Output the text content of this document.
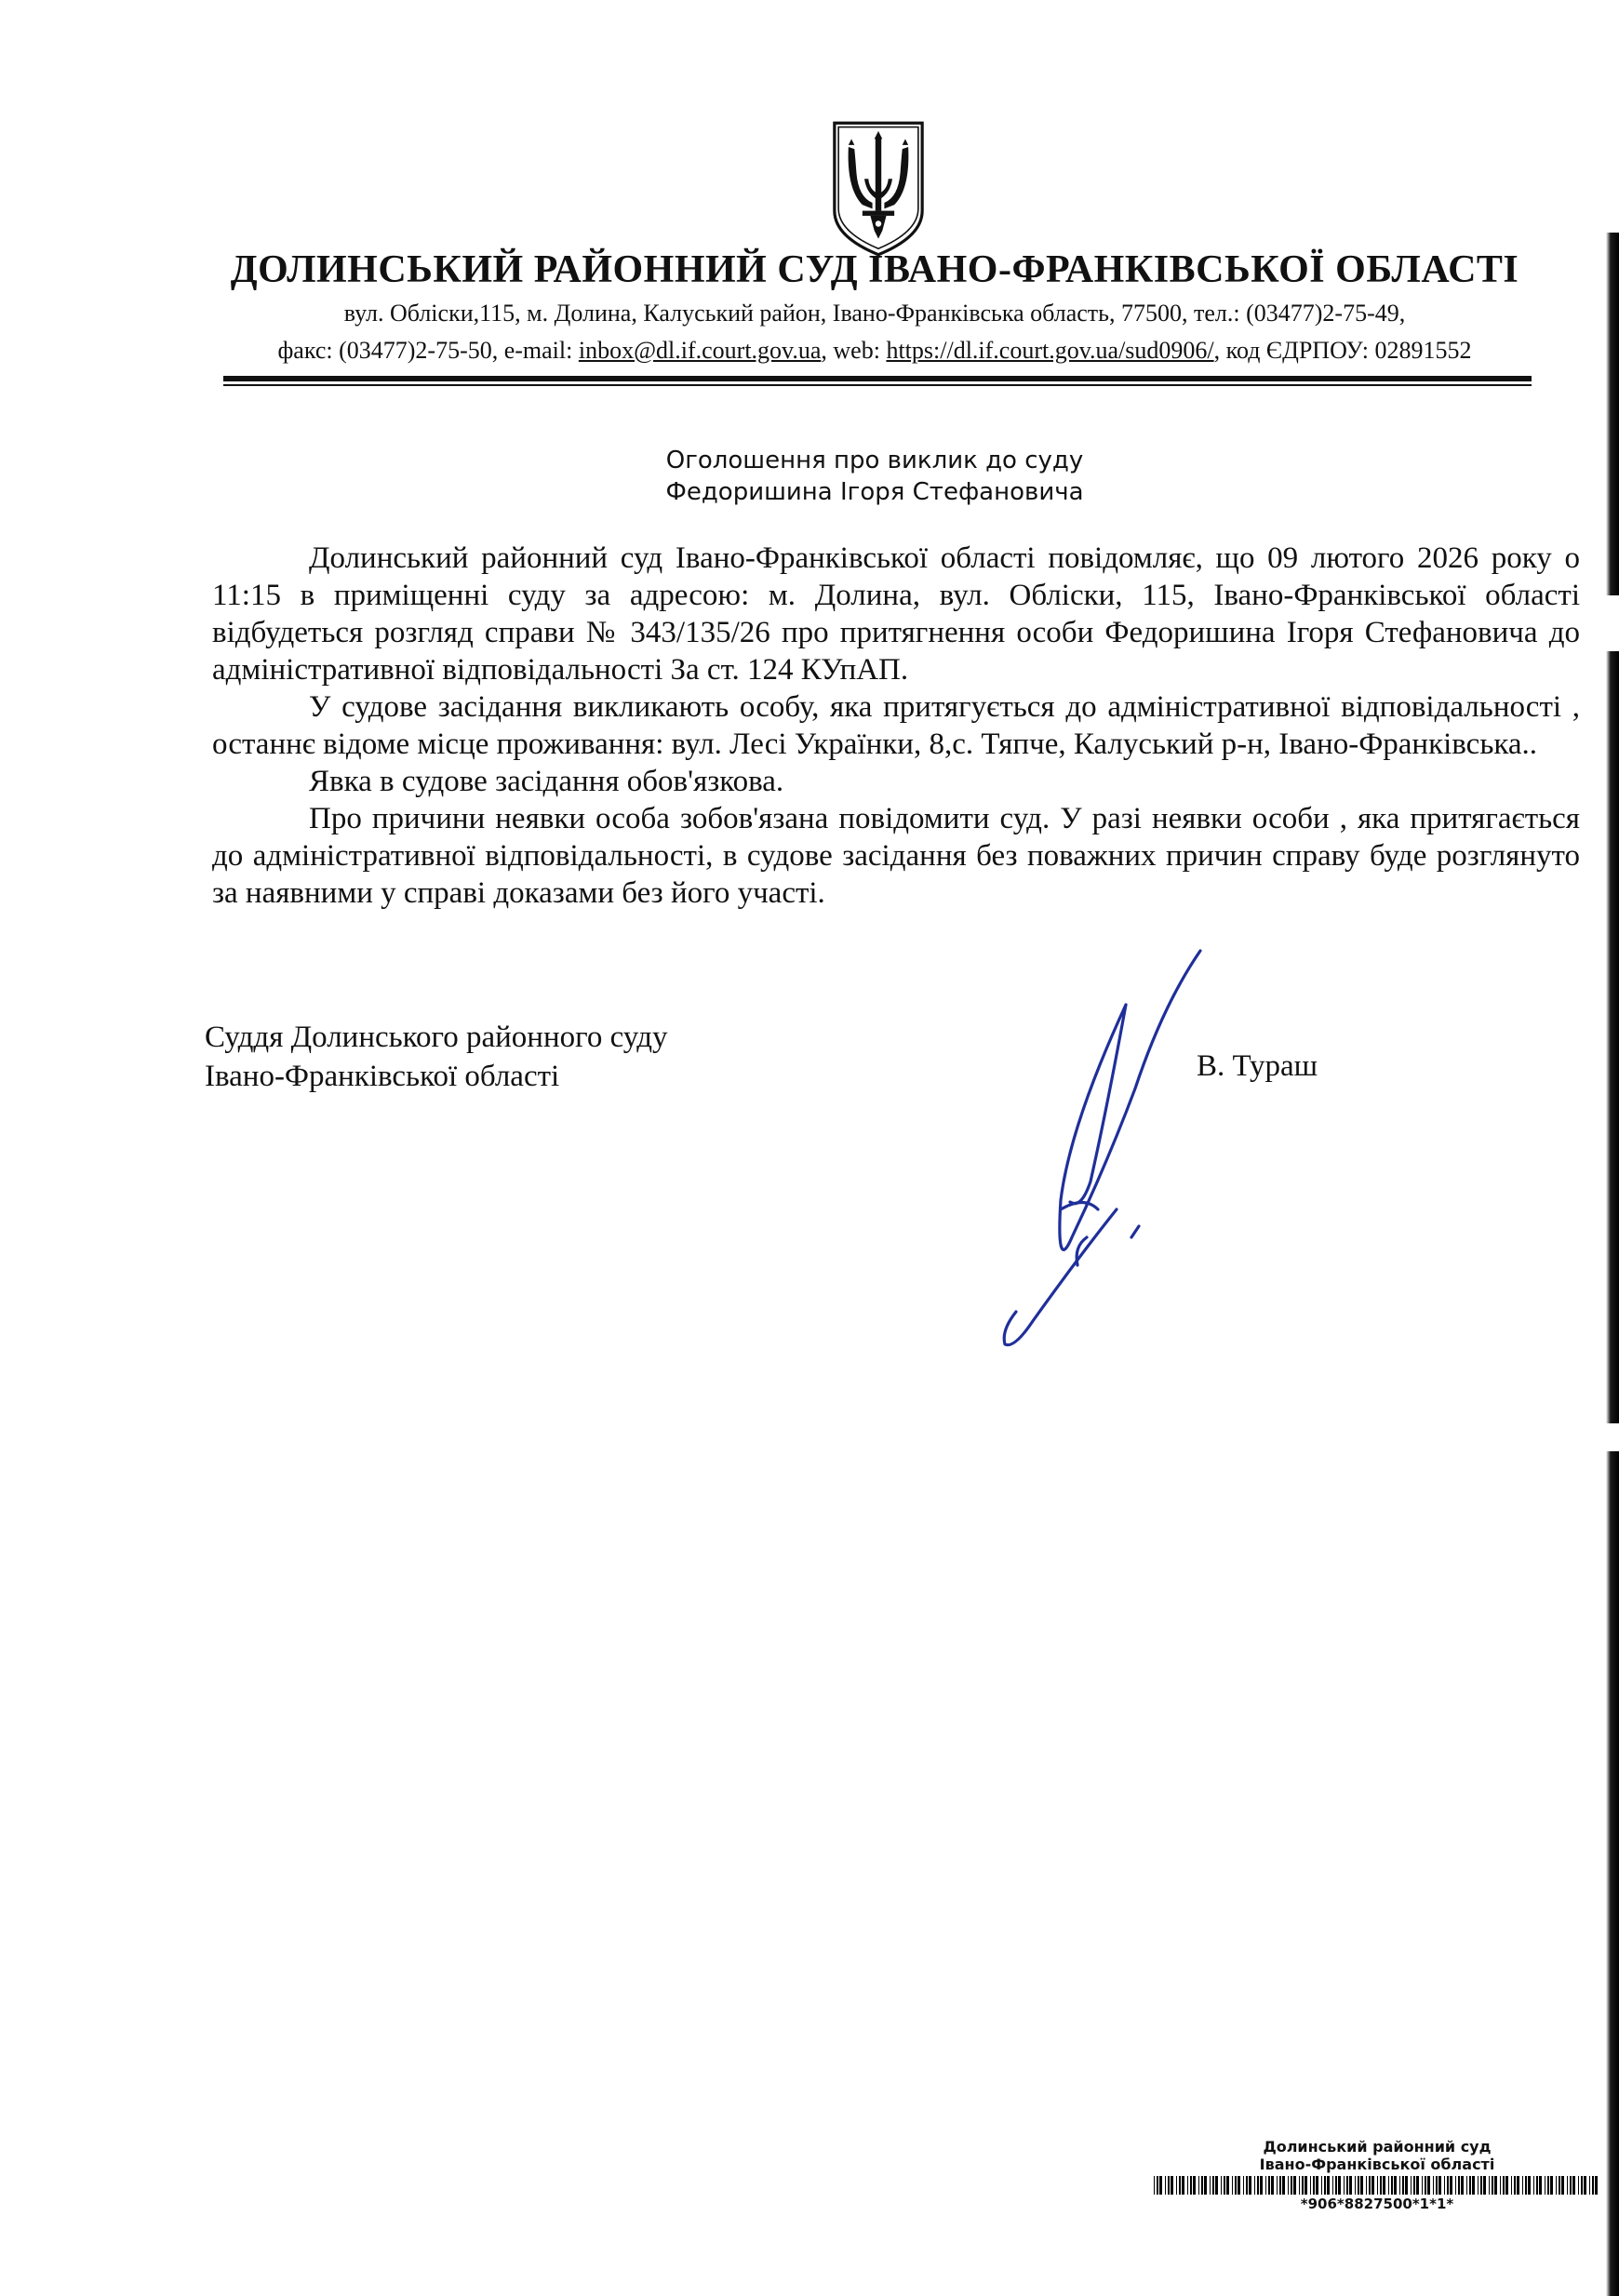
ДОЛИНСЬКИЙ РАЙОННИЙ СУД ІВАНО-ФРАНКІВСЬКОЇ ОБЛАСТІ
вул. Обліски,115, м. Долина, Калуський район, Івано-Франківська область, 77500, тел.: (03477)2-75-49,
факс: (03477)2-75-50, e-mail: inbox@dl.if.court.gov.ua, web: https://dl.if.court.gov.ua/sud0906/, код ЄДРПОУ: 02891552
Оголошення про виклик до суду
Федоришина Ігоря Стефановича

Долинський районний суд Івано-Франківської області повідомляє, що 09 лютого 2026 року о 11:15 в приміщенні суду за адресою: м. Долина, вул. Обліски, 115, Івано-Франківської області відбудеться розгляд справи № 343/135/26 про притягнення особи Федоришина Ігоря Стефановича до адміністративної відповідальності За ст. 124 КУпАП.

У судове засідання викликають особу, яка притягується до адміністративної відповідальності , останнє відоме місце проживання: вул. Лесі Українки, 8,с. Тяпче, Калуський р-н, Івано-Франківська..

Явка в судове засідання обов'язкова.

Про причини неявки особа зобов'язана повідомити суд. У разі неявки особи , яка притягається до адміністративної відповідальності, в судове засідання без поважних причин справу буде розглянуто за наявними у справі доказами без його участі.

Суддя Долинського районного суду
Івано-Франківської області	В. Тураш
Долинський районний суд
Івано-Франківської області
*906*8827500*1*1*
